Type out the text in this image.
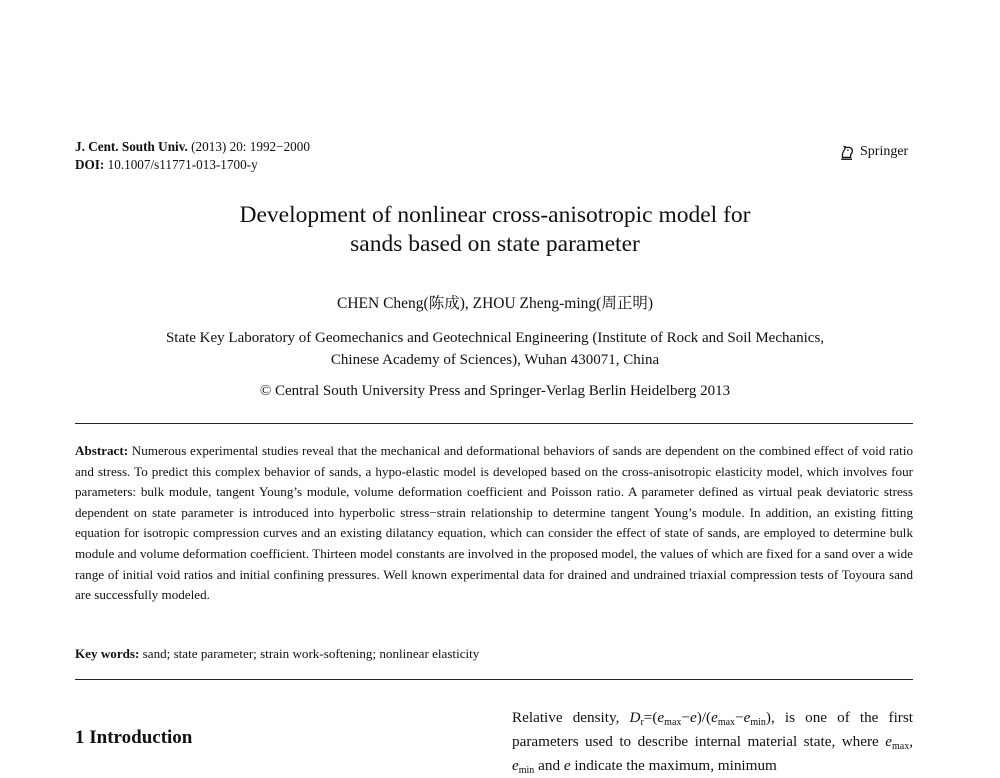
J. Cent. South Univ. (2013) 20: 1992−2000
DOI: 10.1007/s11771-013-1700-y
Springer
Development of nonlinear cross-anisotropic model for
sands based on state parameter
CHEN Cheng(陈成), ZHOU Zheng-ming(周正明)
State Key Laboratory of Geomechanics and Geotechnical Engineering (Institute of Rock and Soil Mechanics,
Chinese Academy of Sciences), Wuhan 430071, China
© Central South University Press and Springer-Verlag Berlin Heidelberg 2013
Abstract: Numerous experimental studies reveal that the mechanical and deformational behaviors of sands are dependent on the combined effect of void ratio and stress. To predict this complex behavior of sands, a hypo-elastic model is developed based on the cross-anisotropic elasticity model, which involves four parameters: bulk module, tangent Young’s module, volume deformation coefficient and Poisson ratio. A parameter defined as virtual peak deviatoric stress dependent on state parameter is introduced into hyperbolic stress−strain relationship to determine tangent Young’s module. In addition, an existing fitting equation for isotropic compression curves and an existing dilatancy equation, which can consider the effect of state of sands, are employed to determine bulk module and volume deformation coefficient. Thirteen model constants are involved in the proposed model, the values of which are fixed for a sand over a wide range of initial void ratios and initial confining pressures. Well known experimental data for drained and undrained triaxial compression tests of Toyoura sand are successfully modeled.
Key words: sand; state parameter; strain work-softening; nonlinear elasticity
1 Introduction
Relative density, $D_r=(e_{max}-e)/(e_{max}-e_{min})$, is one of the first parameters used to describe internal material state, where $e_{max}$, $e_{min}$ and e indicate the maximum, minimum
